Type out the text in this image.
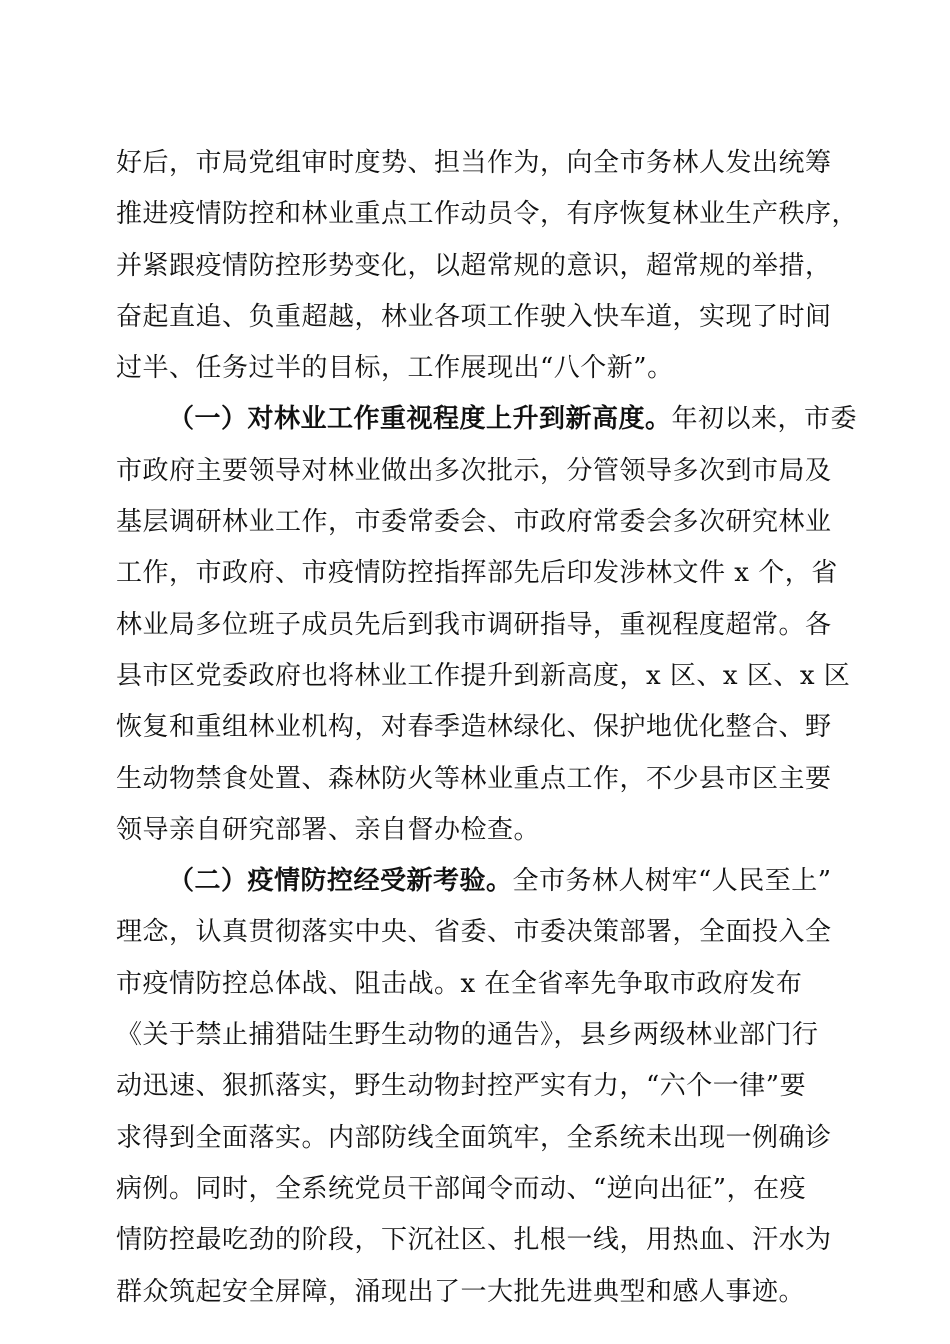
好后，市局党组审时度势、担当作为，向全市务林人发出统筹
推进疫情防控和林业重点工作动员令，有序恢复林业生产秩序，
并紧跟疫情防控形势变化，以超常规的意识，超常规的举措，
奋起直追、负重超越，林业各项工作驶入快车道，实现了时间
过半、任务过半的目标，工作展现出“八个新”。
（一）对林业工作重视程度上升到新高度。年初以来，市委
市政府主要领导对林业做出多次批示，分管领导多次到市局及
基层调研林业工作，市委常委会、市政府常委会多次研究林业
工作，市政府、市疫情防控指挥部先后印发涉林文件 x 个，省
林业局多位班子成员先后到我市调研指导，重视程度超常。各
县市区党委政府也将林业工作提升到新高度，x 区、x 区、x 区
恢复和重组林业机构，对春季造林绿化、保护地优化整合、野
生动物禁食处置、森林防火等林业重点工作，不少县市区主要
领导亲自研究部署、亲自督办检查。
（二）疫情防控经受新考验。全市务林人树牢“人民至上”
理念，认真贯彻落实中央、省委、市委决策部署，全面投入全
市疫情防控总体战、阻击战。x 在全省率先争取市政府发布
《关于禁止捕猎陆生野生动物的通告》，县乡两级林业部门行
动迅速、狠抓落实，野生动物封控严实有力，“六个一律”要
求得到全面落实。内部防线全面筑牢，全系统未出现一例确诊
病例。同时，全系统党员干部闻令而动、“逆向出征”，在疫
情防控最吃劲的阶段，下沉社区、扎根一线，用热血、汗水为
群众筑起安全屏障，涌现出了一大批先进典型和感人事迹。
